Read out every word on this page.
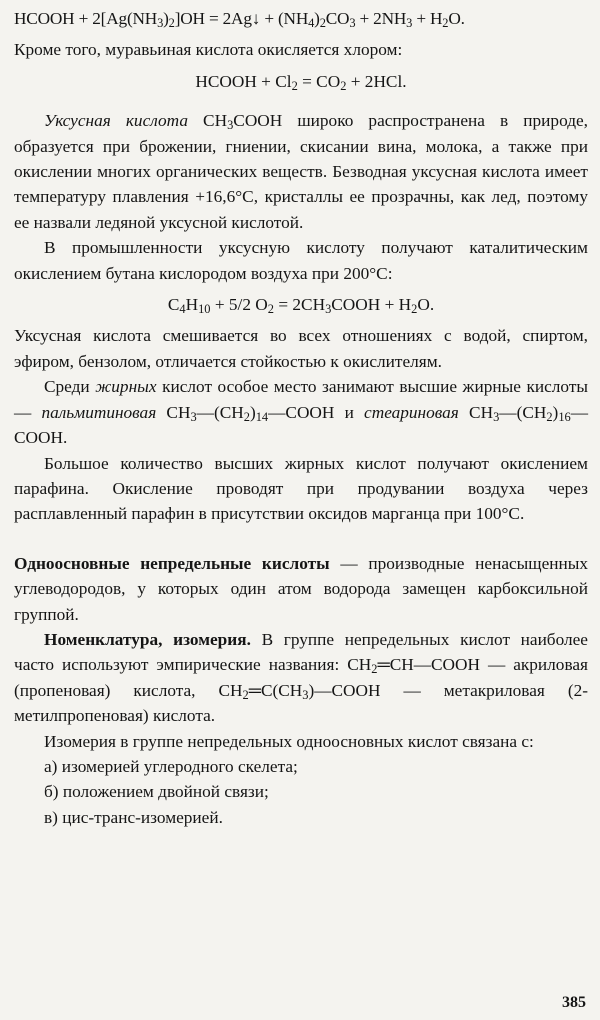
HCOOH + $2[Ag(NH_3)_2]OH$ = 2Ag↓ + $(NH_4)_2CO_3 + 2NH_3 + H_2O$.

Кроме того, муравьиная кислота окисляется хлором:

HCOOH + $Cl_2 = CO_2 + 2HCl$.

Уксусная кислота $CH_3COOH$ широко распространена в природе, образуется при брожении, гниении, скисании вина, молока, а также при окислении многих органических веществ. Безводная уксусная кислота имеет температуру плавления +16,6°С, кристаллы ее прозрачны, как лед, поэтому ее назвали ледяной уксусной кислотой.

В промышленности уксусную кислоту получают каталитическим окислением бутана кислородом воздуха при 200°С:

$C_4H_{10} + 5/2$ $O_2$ = $2CH_3COOH + H_2O$.

Уксусная кислота смешивается во всех отношениях с водой, спиртом, эфиром, бензолом, отличается стойкостью к окислителям.

Среди жирных кислот особое место занимают высшие жирные кислоты — пальмитиновая $CH_3—(CH_2)_{14}—COOH$ и стеариновая $CH_3—(CH_2)_{16}—COOH$.

Большое количество высших жирных кислот получают окислением парафина. Окисление проводят при продувании воздуха через расплавленный парафин в присутствии оксидов марганца при 100°С.

Одноосновные непредельные кислоты — производные ненасыщенных углеводородов, у которых один атом водорода замещен карбоксильной группой.

Номенклатура, изомерия. В группе непредельных кислот наиболее часто используют эмпирические названия: $CH_2═CH—COOH$ — акриловая (пропеновая) кислота, $CH_2═C(CH_3)—COOH$ — метакриловая (2-метилпропеновая) кислота.

Изомерия в группе непредельных одноосновных кислот связана с:

а) изомерией углеродного скелета;

б) положением двойной связи;

в) цис-транс-изомерией.

385
